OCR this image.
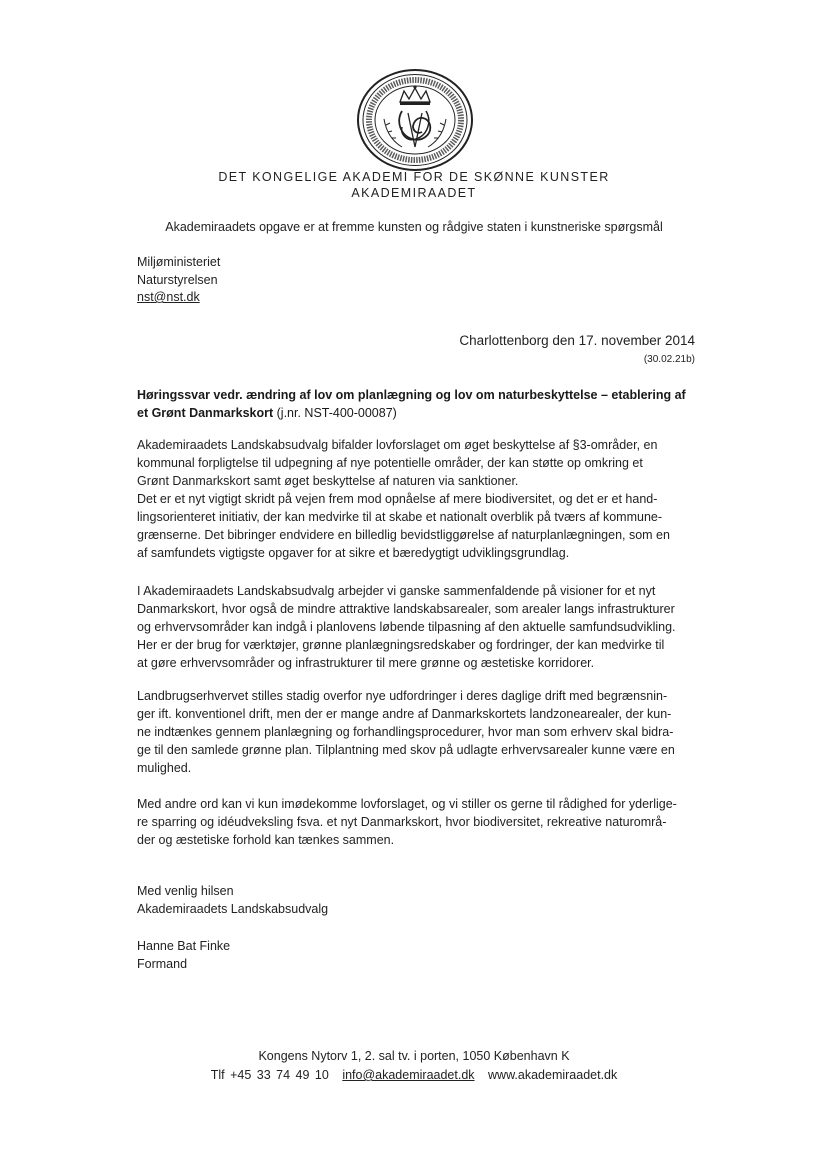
DET KONGELIGE AKADEMI FOR DE SKØNNE KUNSTER
AKADEMIRAADET
Akademiraadets opgave er at fremme kunsten og rådgive staten i kunstneriske spørgsmål
Miljøministeriet
Naturstyrelsen
nst@nst.dk
Charlottenborg den 17. november 2014
(30.02.21b)
Høringssvar vedr. ændring af lov om planlægning og lov om naturbeskyttelse – etablering af et Grønt Danmarkskort (j.nr. NST-400-00087)
Akademiraadets Landskabsudvalg bifalder lovforslaget om øget beskyttelse af §3-områder, en
kommunal forpligtelse til udpegning af nye potentielle områder, der kan støtte op omkring et
Grønt Danmarkskort samt øget beskyttelse af naturen via sanktioner.
Det er et nyt vigtigt skridt på vejen frem mod opnåelse af mere biodiversitet, og det er et hand-
lingsorienteret initiativ, der kan medvirke til at skabe et nationalt overblik på tværs af kommune-
grænserne. Det bibringer endvidere en billedlig bevidstliggørelse af naturplanlægningen, som en
af samfundets vigtigste opgaver for at sikre et bæredygtigt udviklingsgrundlag.
I Akademiraadets Landskabsudvalg arbejder vi ganske sammenfaldende på visioner for et nyt
Danmarkskort, hvor også de mindre attraktive landskabsarealer, som arealer langs infrastrukturer
og erhvervsområder kan indgå i planlovens løbende tilpasning af den aktuelle samfundsudvikling.
Her er der brug for værktøjer, grønne planlægningsredskaber og fordringer, der kan medvirke til
at gøre erhvervsområder og infrastrukturer til mere grønne og æstetiske korridorer.
Landbrugserhvervet stilles stadig overfor nye udfordringer i deres daglige drift med begrænsnin-
ger ift. konventionel drift, men der er mange andre af Danmarkskortets landzonearealer, der kun-
ne indtænkes gennem planlægning og forhandlingsprocedurer, hvor man som erhverv skal bidra-
ge til den samlede grønne plan. Tilplantning med skov på udlagte erhvervsarealer kunne være en
mulighed.
Med andre ord kan vi kun imødekomme lovforslaget, og vi stiller os gerne til rådighed for yderlige-
re sparring og idéudveksling fsva. et nyt Danmarkskort, hvor biodiversitet, rekreative naturområ-
der og æstetiske forhold kan tænkes sammen.
Med venlig hilsen
Akademiraadets Landskabsudvalg
Hanne Bat Finke
Formand
Kongens Nytorv 1, 2. sal tv. i porten, 1050 København K
Tlf +45 33 74 49 10 info@akademiraadet.dk www.akademiraadet.dk
